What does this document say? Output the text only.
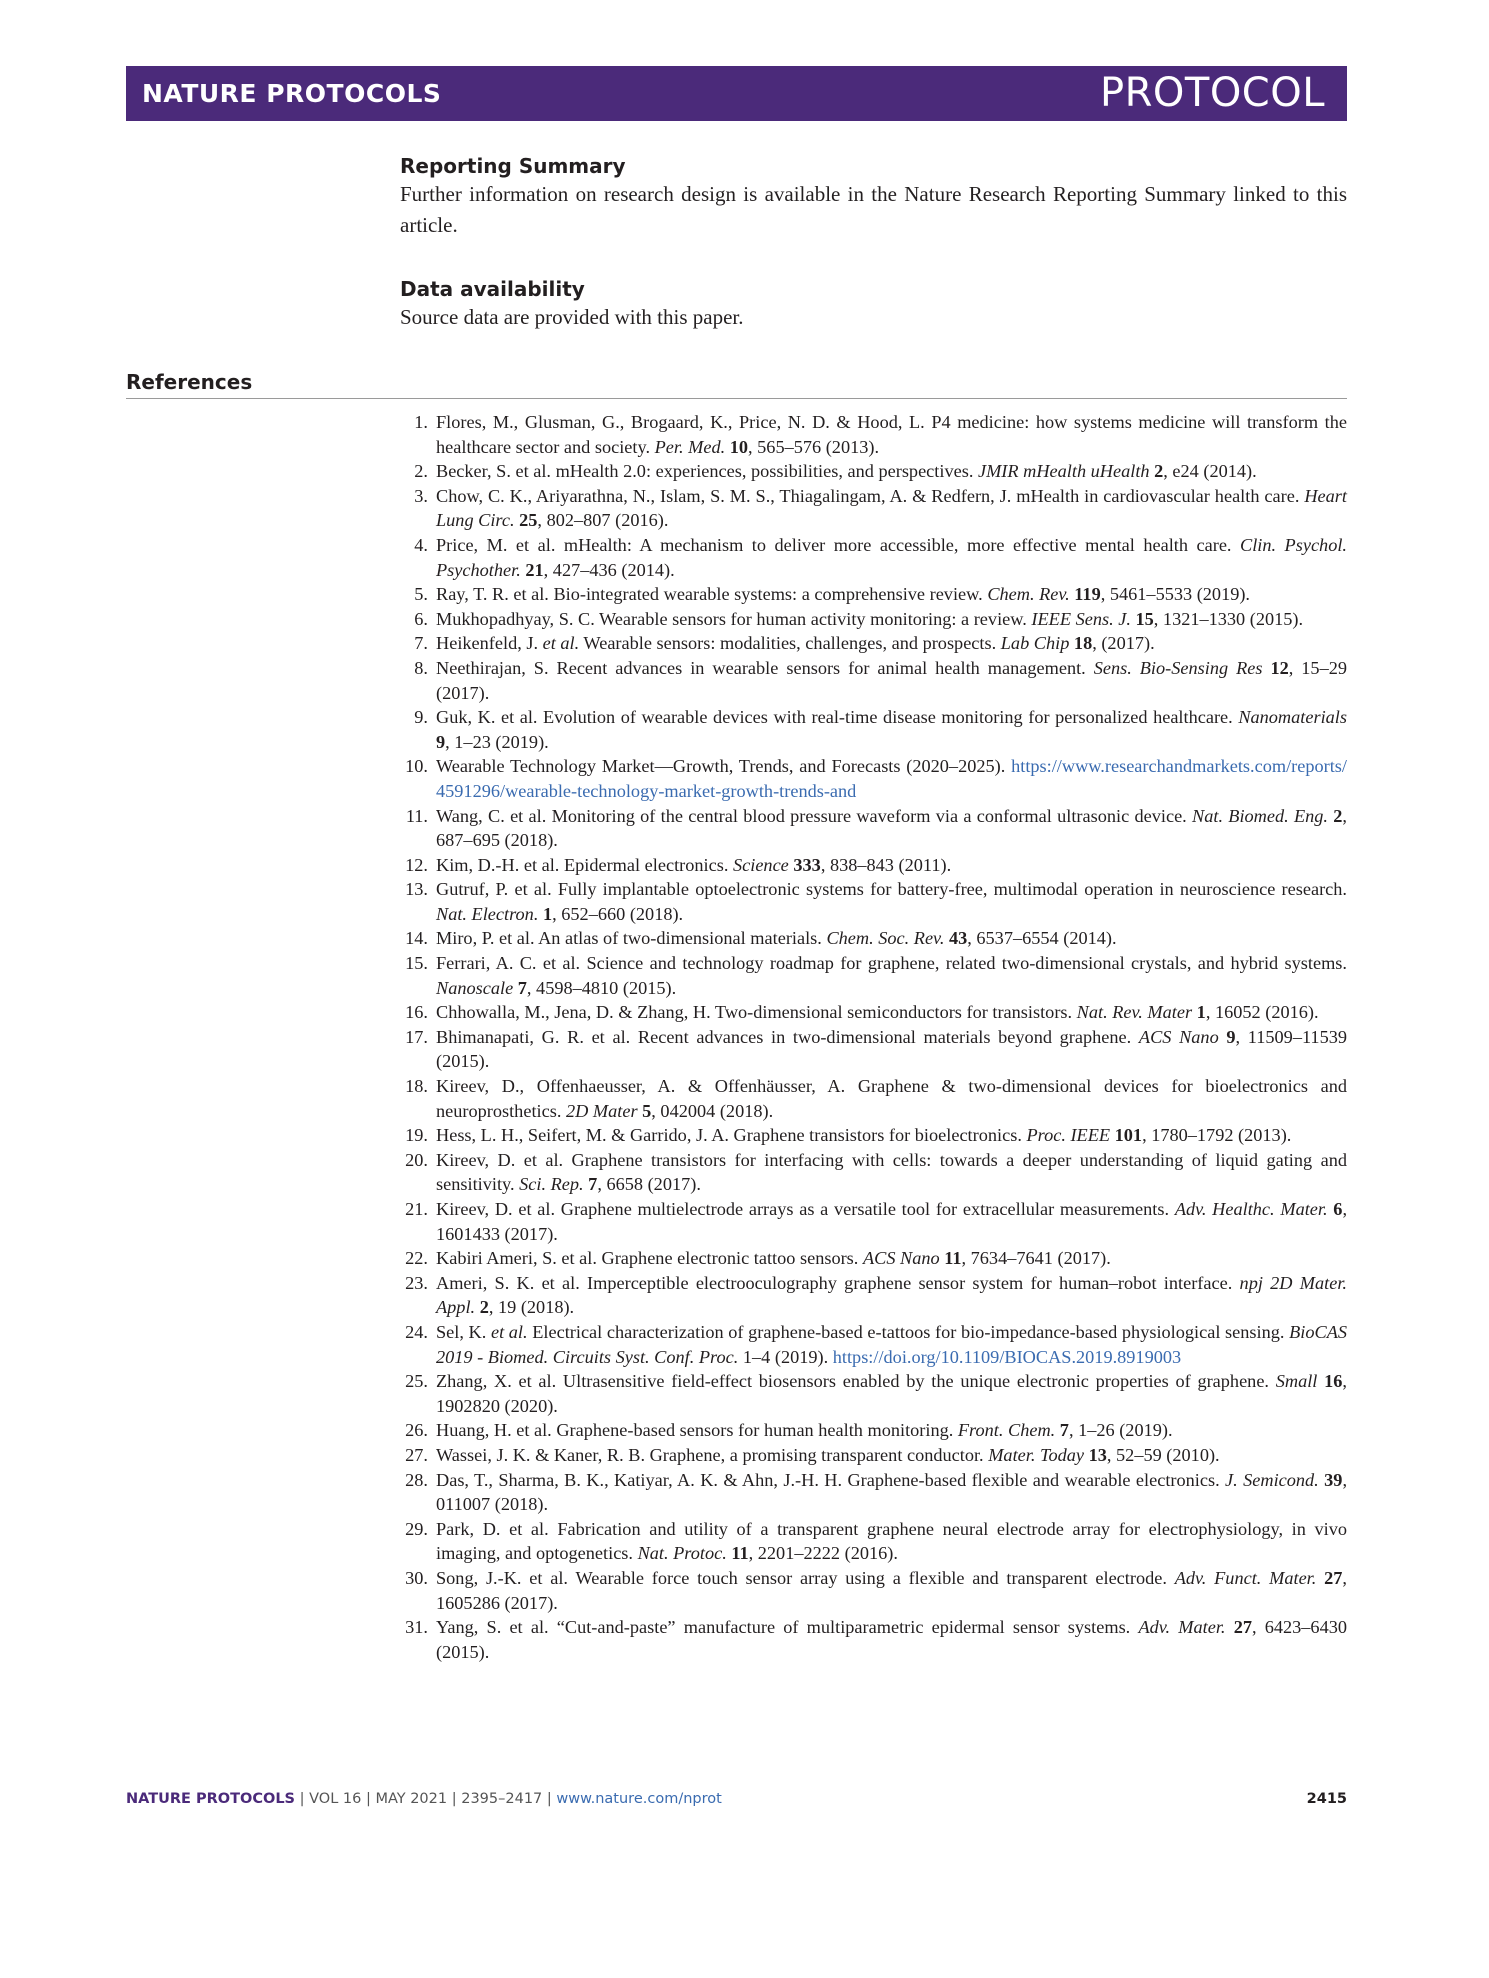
NATURE PROTOCOLS	PROTOCOL
Reporting Summary

Further information on research design is available in the Nature Research Reporting Summary linked to this article.

Data availability

Source data are provided with this paper.

References
1. Flores, M., Glusman, G., Brogaard, K., Price, N. D. & Hood, L. P4 medicine: how systems medicine will transform the healthcare sector and society. Per. Med. 10, 565–576 (2013).
2. Becker, S. et al. mHealth 2.0: experiences, possibilities, and perspectives. JMIR mHealth uHealth 2, e24 (2014).
3. Chow, C. K., Ariyarathna, N., Islam, S. M. S., Thiagalingam, A. & Redfern, J. mHealth in cardiovascular health care. Heart Lung Circ. 25, 802–807 (2016).
4. Price, M. et al. mHealth: A mechanism to deliver more accessible, more effective mental health care. Clin. Psychol. Psychother. 21, 427–436 (2014).
5. Ray, T. R. et al. Bio-integrated wearable systems: a comprehensive review. Chem. Rev. 119, 5461–5533 (2019).
6. Mukhopadhyay, S. C. Wearable sensors for human activity monitoring: a review. IEEE Sens. J. 15, 1321–1330 (2015).
7. Heikenfeld, J. et al. Wearable sensors: modalities, challenges, and prospects. Lab Chip 18, (2017).
8. Neethirajan, S. Recent advances in wearable sensors for animal health management. Sens. Bio-Sensing Res 12, 15–29 (2017).
9. Guk, K. et al. Evolution of wearable devices with real-time disease monitoring for personalized healthcare. Nanomaterials 9, 1–23 (2019).
10. Wearable Technology Market—Growth, Trends, and Forecasts (2020–2025). https://www.researchandmarkets.com/reports/4591296/wearable-technology-market-growth-trends-and
11. Wang, C. et al. Monitoring of the central blood pressure waveform via a conformal ultrasonic device. Nat. Biomed. Eng. 2, 687–695 (2018).
12. Kim, D.-H. et al. Epidermal electronics. Science 333, 838–843 (2011).
13. Gutruf, P. et al. Fully implantable optoelectronic systems for battery-free, multimodal operation in neuroscience research. Nat. Electron. 1, 652–660 (2018).
14. Miro, P. et al. An atlas of two-dimensional materials. Chem. Soc. Rev. 43, 6537–6554 (2014).
15. Ferrari, A. C. et al. Science and technology roadmap for graphene, related two-dimensional crystals, and hybrid systems. Nanoscale 7, 4598–4810 (2015).
16. Chhowalla, M., Jena, D. & Zhang, H. Two-dimensional semiconductors for transistors. Nat. Rev. Mater 1, 16052 (2016).
17. Bhimanapati, G. R. et al. Recent advances in two-dimensional materials beyond graphene. ACS Nano 9, 11509–11539 (2015).
18. Kireev, D., Offenhaeusser, A. & Offenhäusser, A. Graphene & two-dimensional devices for bioelectronics and neuroprosthetics. 2D Mater 5, 042004 (2018).
19. Hess, L. H., Seifert, M. & Garrido, J. A. Graphene transistors for bioelectronics. Proc. IEEE 101, 1780–1792 (2013).
20. Kireev, D. et al. Graphene transistors for interfacing with cells: towards a deeper understanding of liquid gating and sensitivity. Sci. Rep. 7, 6658 (2017).
21. Kireev, D. et al. Graphene multielectrode arrays as a versatile tool for extracellular measurements. Adv. Healthc. Mater. 6, 1601433 (2017).
22. Kabiri Ameri, S. et al. Graphene electronic tattoo sensors. ACS Nano 11, 7634–7641 (2017).
23. Ameri, S. K. et al. Imperceptible electrooculography graphene sensor system for human–robot interface. npj 2D Mater. Appl. 2, 19 (2018).
24. Sel, K. et al. Electrical characterization of graphene-based e-tattoos for bio-impedance-based physiological sensing. BioCAS 2019 - Biomed. Circuits Syst. Conf. Proc. 1–4 (2019). https://doi.org/10.1109/BIOCAS.2019.8919003
25. Zhang, X. et al. Ultrasensitive field-effect biosensors enabled by the unique electronic properties of graphene. Small 16, 1902820 (2020).
26. Huang, H. et al. Graphene-based sensors for human health monitoring. Front. Chem. 7, 1–26 (2019).
27. Wassei, J. K. & Kaner, R. B. Graphene, a promising transparent conductor. Mater. Today 13, 52–59 (2010).
28. Das, T., Sharma, B. K., Katiyar, A. K. & Ahn, J.-H. H. Graphene-based flexible and wearable electronics. J. Semicond. 39, 011007 (2018).
29. Park, D. et al. Fabrication and utility of a transparent graphene neural electrode array for electrophysiology, in vivo imaging, and optogenetics. Nat. Protoc. 11, 2201–2222 (2016).
30. Song, J.-K. et al. Wearable force touch sensor array using a flexible and transparent electrode. Adv. Funct. Mater. 27, 1605286 (2017).
31. Yang, S. et al. “Cut-and-paste” manufacture of multiparametric epidermal sensor systems. Adv. Mater. 27, 6423–6430 (2015).
NATURE PROTOCOLS | VOL 16 | MAY 2021 | 2395–2417 | www.nature.com/nprot	2415
